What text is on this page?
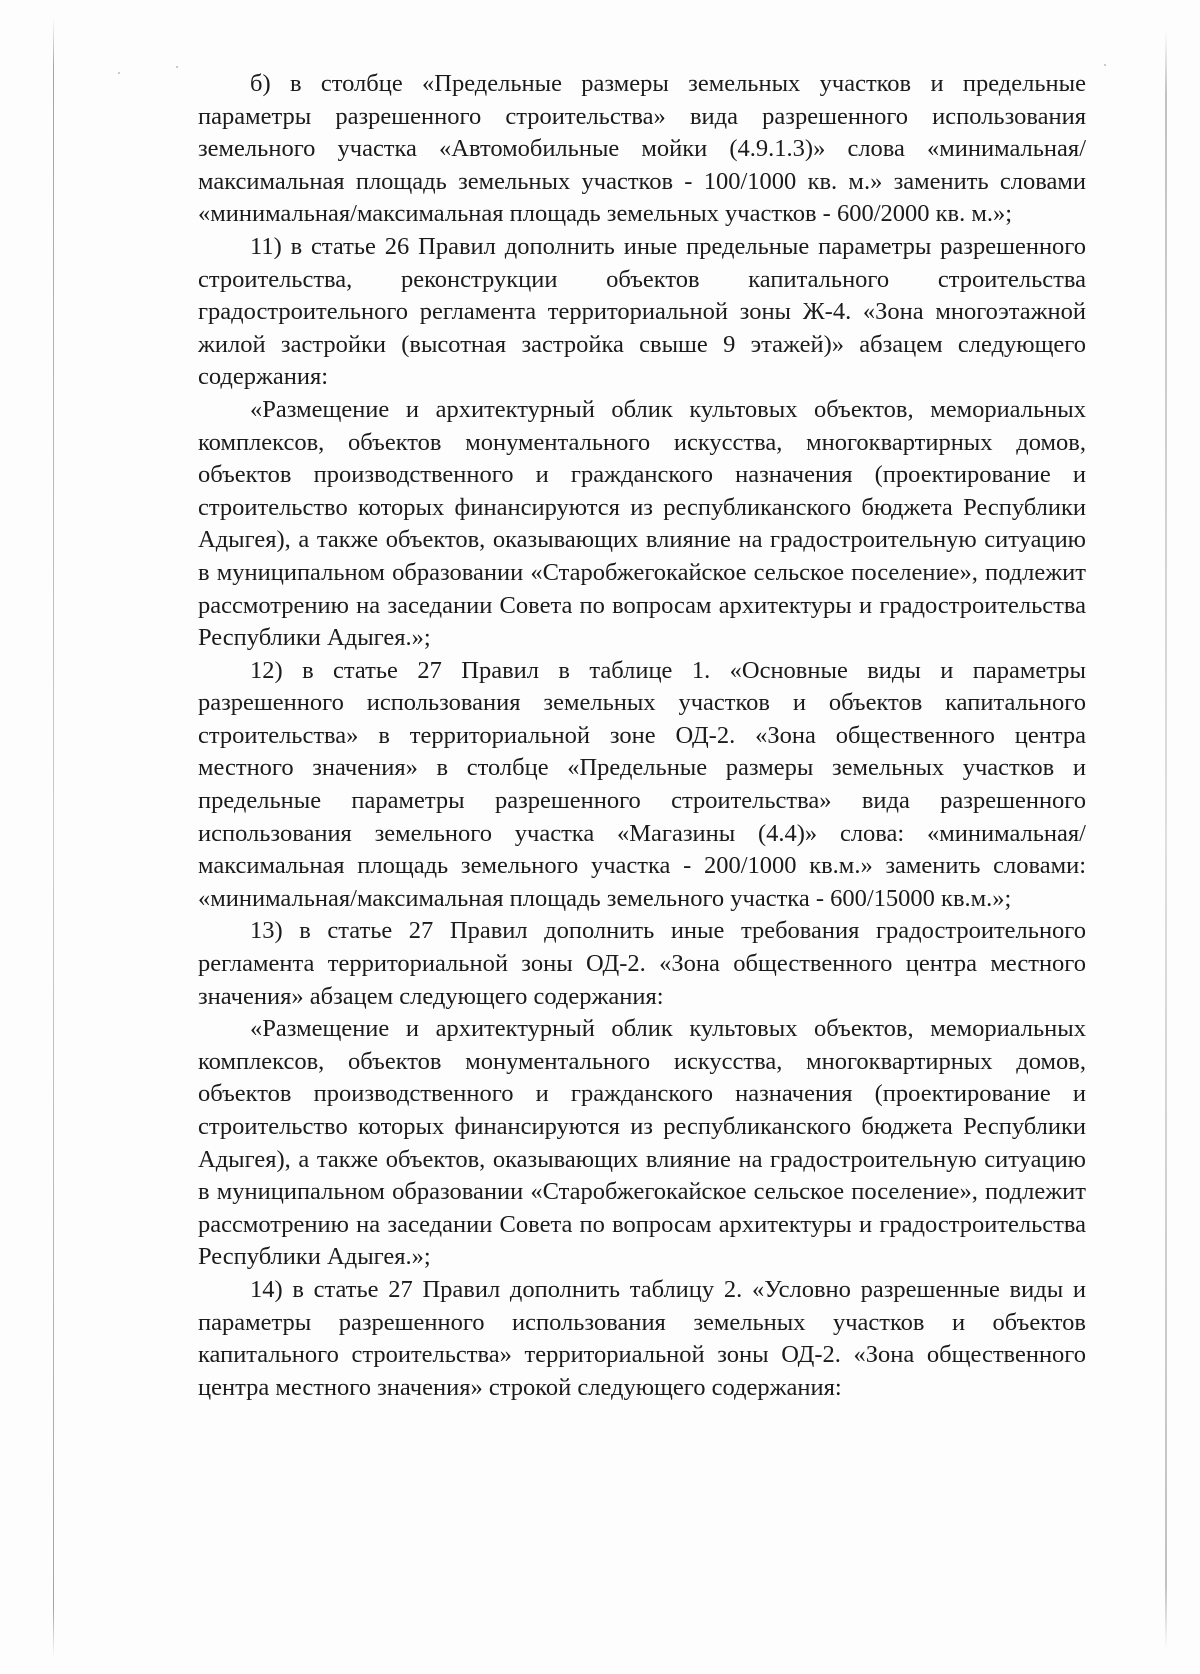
б) в столбце «Предельные размеры земельных участков и предельные параметры разрешенного строительства» вида разрешенного использования земельного участка «Автомобильные мойки (4.9.1.3)» слова «минимальная/максимальная площадь земельных участков - 100/1000 кв. м.» заменить словами «минимальная/максимальная площадь земельных участков - 600/2000 кв. м.»;

11) в статье 26 Правил дополнить иные предельные параметры разрешенного строительства, реконструкции объектов капитального строительства градостроительного регламента территориальной зоны Ж-4. «Зона многоэтажной жилой застройки (высотная застройка свыше 9 этажей)» абзацем следующего содержания:

«Размещение и архитектурный облик культовых объектов, мемориальных комплексов, объектов монументального искусства, многоквартирных домов, объектов производственного и гражданского назначения (проектирование и строительство которых финансируются из республиканского бюджета Республики Адыгея), а также объектов, оказывающих влияние на градостроительную ситуацию в муниципальном образовании «Старобжегокайское сельское поселение», подлежит рассмотрению на заседании Совета по вопросам архитектуры и градостроительства Республики Адыгея.»;

12) в статье 27 Правил в таблице 1. «Основные виды и параметры разрешенного использования земельных участков и объектов капитального строительства» в территориальной зоне ОД-2. «Зона общественного центра местного значения» в столбце «Предельные размеры земельных участков и предельные параметры разрешенного строительства» вида разрешенного использования земельного участка «Магазины (4.4)» слова: «минимальная/максимальная площадь земельного участка - 200/1000 кв.м.» заменить словами: «минимальная/максимальная площадь земельного участка - 600/15000 кв.м.»;

13) в статье 27 Правил дополнить иные требования градостроительного регламента территориальной зоны ОД-2. «Зона общественного центра местного значения» абзацем следующего содержания:

«Размещение и архитектурный облик культовых объектов, мемориальных комплексов, объектов монументального искусства, многоквартирных домов, объектов производственного и гражданского назначения (проектирование и строительство которых финансируются из республиканского бюджета Республики Адыгея), а также объектов, оказывающих влияние на градостроительную ситуацию в муниципальном образовании «Старобжегокайское сельское поселение», подлежит рассмотрению на заседании Совета по вопросам архитектуры и градостроительства Республики Адыгея.»;

14) в статье 27 Правил дополнить таблицу 2. «Условно разрешенные виды и параметры разрешенного использования земельных участков и объектов капитального строительства» территориальной зоны ОД-2. «Зона общественного центра местного значения» строкой следующего содержания:
